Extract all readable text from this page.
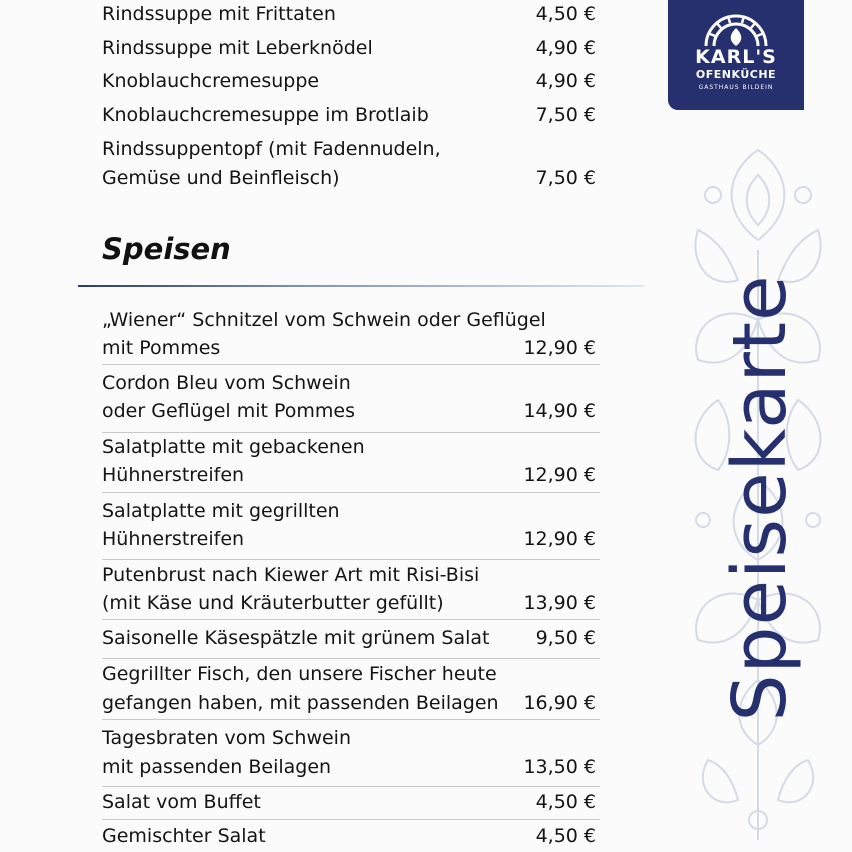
Rindssuppe mit Frittaten	4,50 €
Rindssuppe mit Leberknödel	4,90 €
Knoblauchcremesuppe	4,90 €
Knoblauchcremesuppe im Brotlaib	7,50 €
Rindssuppentopf (mit Fadennudeln,
Gemüse und Beinfleisch)	7,50 €
Speisen
„Wiener“ Schnitzel vom Schwein oder Geflügel
mit Pommes	12,90 €
Cordon Bleu vom Schwein
oder Geflügel mit Pommes	14,90 €
Salatplatte mit gebackenen
Hühnerstreifen	12,90 €
Salatplatte mit gegrillten
Hühnerstreifen	12,90 €
Putenbrust nach Kiewer Art mit Risi-Bisi
(mit Käse und Kräuterbutter gefüllt)	13,90 €
Saisonelle Käsespätzle mit grünem Salat 9,50 €
Gegrillter Fisch, den unsere Fischer heute
gefangen haben, mit passenden Beilagen 16,90 €
Tagesbraten vom Schwein
mit passenden Beilagen	13,50 €
Salat vom Buffet	4,50 €
Gemischter Salat	4,50 €
KARL'S
OFENKÜCHE
GASTHAUS BILDEIN
Speisekarte
